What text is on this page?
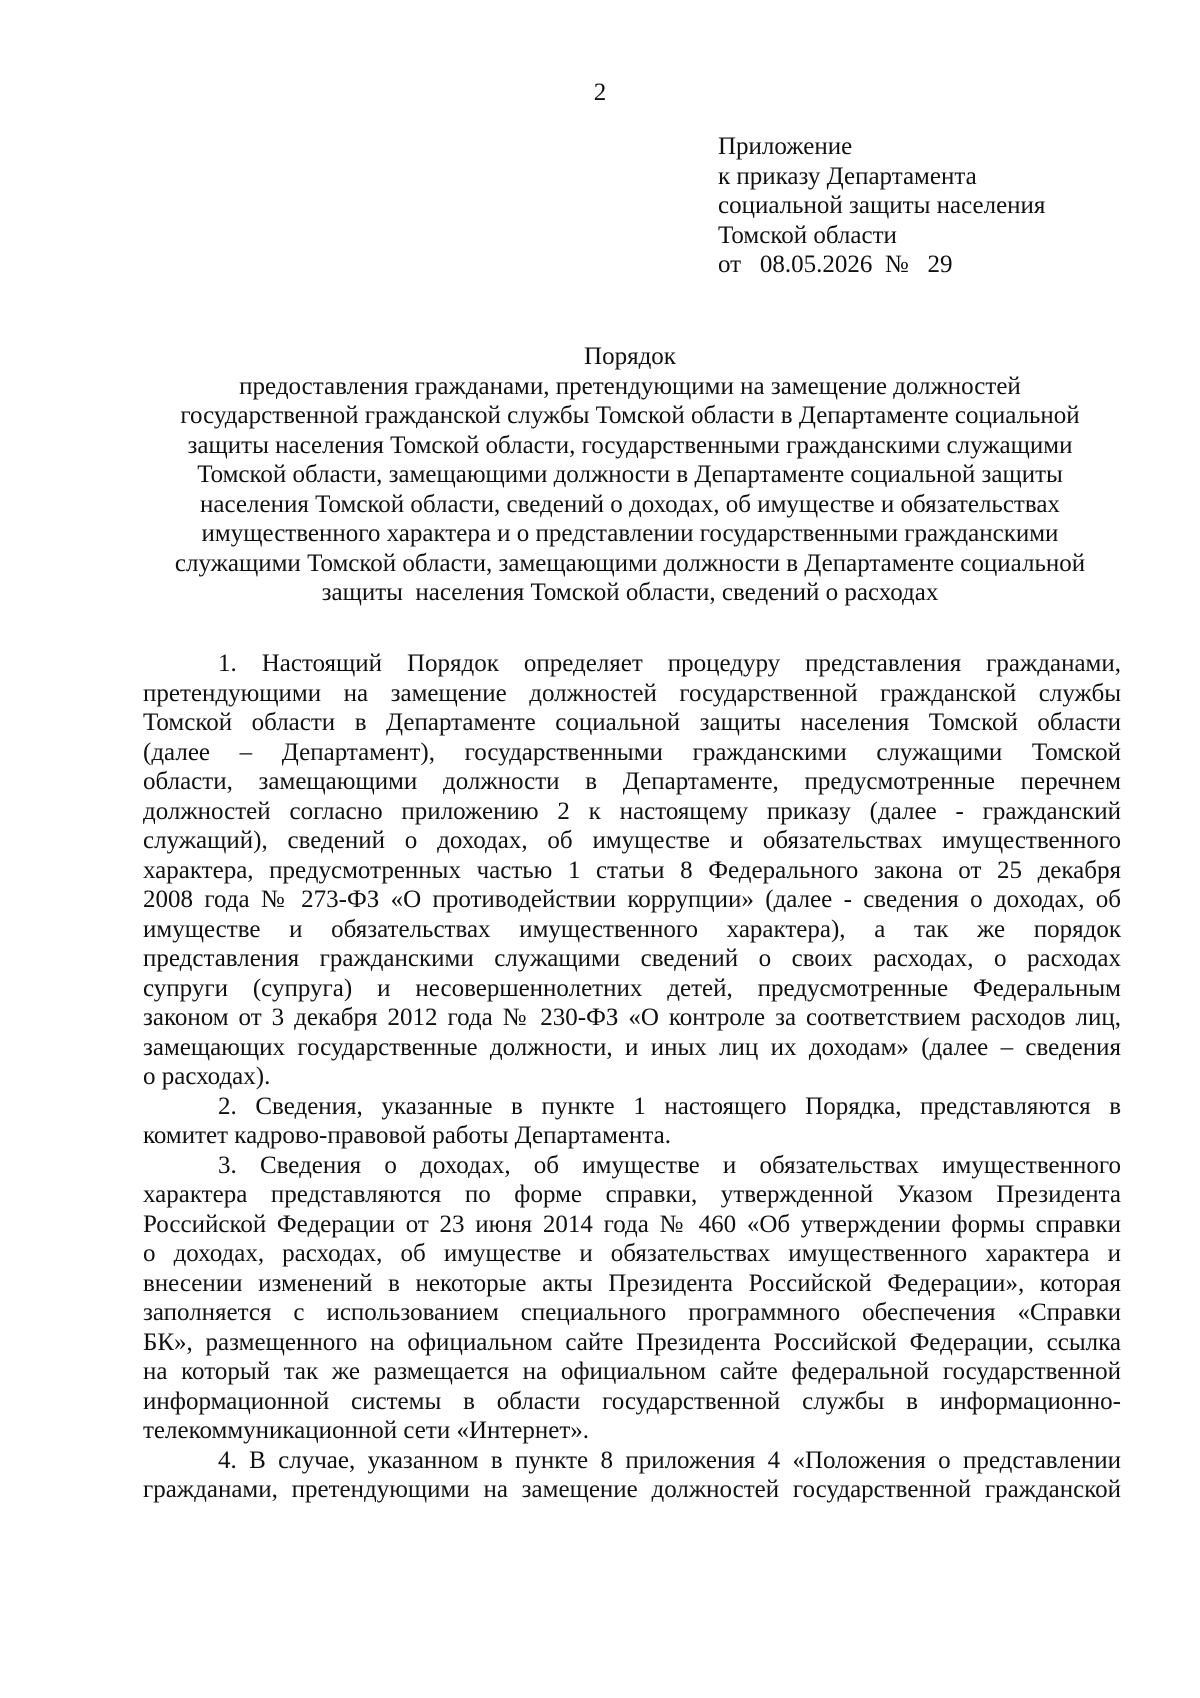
2
Приложение
к приказу Департамента
социальной защиты населения
Томской области
от   08.05.2026  №   29
Порядок
предоставления гражданами, претендующими на замещение должностей
государственной гражданской службы Томской области в Департаменте социальной
защиты населения Томской области, государственными гражданскими служащими
Томской области, замещающими должности в Департаменте социальной защиты
населения Томской области, сведений о доходах, об имуществе и обязательствах
имущественного характера и о представлении государственными гражданскими
служащими Томской области, замещающими должности в Департаменте социальной
защиты  населения Томской области, сведений о расходах
1. Настоящий Порядок определяет процедуру представления гражданами,
претендующими на замещение должностей государственной гражданской службы
Томской области в Департаменте социальной защиты населения Томской области
(далее – Департамент), государственными гражданскими служащими Томской
области, замещающими должности в Департаменте, предусмотренные перечнем
должностей согласно приложению 2 к настоящему приказу (далее - гражданский
служащий), сведений о доходах, об имуществе и обязательствах имущественного
характера, предусмотренных частью 1 статьи 8 Федерального закона от 25 декабря
2008 года № 273-ФЗ «О противодействии коррупции» (далее - сведения о доходах, об
имуществе и обязательствах имущественного характера), а так же порядок
представления гражданскими служащими сведений о своих расходах, о расходах
супруги (супруга) и несовершеннолетних детей, предусмотренные Федеральным
законом от 3 декабря 2012 года № 230-ФЗ «О контроле за соответствием расходов лиц,
замещающих государственные должности, и иных лиц их доходам» (далее – сведения
о расходах).
2. Сведения, указанные в пункте 1 настоящего Порядка, представляются в
комитет кадрово-правовой работы Департамента.
3. Сведения о доходах, об имуществе и обязательствах имущественного
характера представляются по форме справки, утвержденной Указом Президента
Российской Федерации от 23 июня 2014 года № 460 «Об утверждении формы справки
о доходах, расходах, об имуществе и обязательствах имущественного характера и
внесении изменений в некоторые акты Президента Российской Федерации», которая
заполняется с использованием специального программного обеспечения «Справки
БК», размещенного на официальном сайте Президента Российской Федерации, ссылка
на который так же размещается на официальном сайте федеральной государственной
информационной системы в области государственной службы в информационно-
телекоммуникационной сети «Интернет».
4. В случае, указанном в пункте 8 приложения 4 «Положения о представлении
гражданами, претендующими на замещение должностей государственной гражданской
